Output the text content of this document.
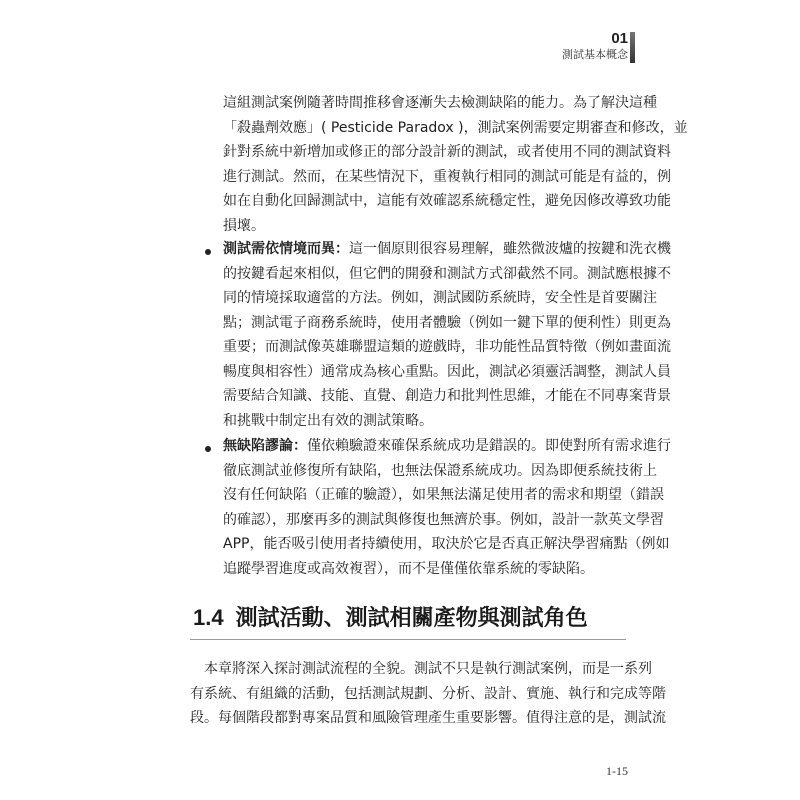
01
測試基本概念
這組測試案例隨著時間推移會逐漸失去檢測缺陷的能力。為了解決這種
「殺蟲劑效應」( Pesticide Paradox )，測試案例需要定期審查和修改，並
針對系統中新增加或修正的部分設計新的測試，或者使用不同的測試資料
進行測試。然而，在某些情況下，重複執行相同的測試可能是有益的，例
如在自動化回歸測試中，這能有效確認系統穩定性，避免因修改導致功能
損壞。
測試需依情境而異：這一個原則很容易理解，雖然微波爐的按鍵和洗衣機
的按鍵看起來相似，但它們的開發和測試方式卻截然不同。測試應根據不
同的情境採取適當的方法。例如，測試國防系統時，安全性是首要關注
點；測試電子商務系統時，使用者體驗（例如一鍵下單的便利性）則更為
重要；而測試像英雄聯盟這類的遊戲時，非功能性品質特徵（例如畫面流
暢度與相容性）通常成為核心重點。因此，測試必須靈活調整，測試人員
需要結合知識、技能、直覺、創造力和批判性思維，才能在不同專案背景
和挑戰中制定出有效的測試策略。
無缺陷謬論：僅依賴驗證來確保系統成功是錯誤的。即使對所有需求進行
徹底測試並修復所有缺陷，也無法保證系統成功。因為即便系統技術上
沒有任何缺陷（正確的驗證），如果無法滿足使用者的需求和期望（錯誤
的確認），那麼再多的測試與修復也無濟於事。例如，設計一款英文學習
APP，能否吸引使用者持續使用，取決於它是否真正解決學習痛點（例如
追蹤學習進度或高效複習），而不是僅僅依靠系統的零缺陷。
1.4 測試活動、測試相關產物與測試角色
本章將深入探討測試流程的全貌。測試不只是執行測試案例，而是一系列
有系統、有組織的活動，包括測試規劃、分析、設計、實施、執行和完成等階
段。每個階段都對專案品質和風險管理產生重要影響。值得注意的是，測試流
1-15
